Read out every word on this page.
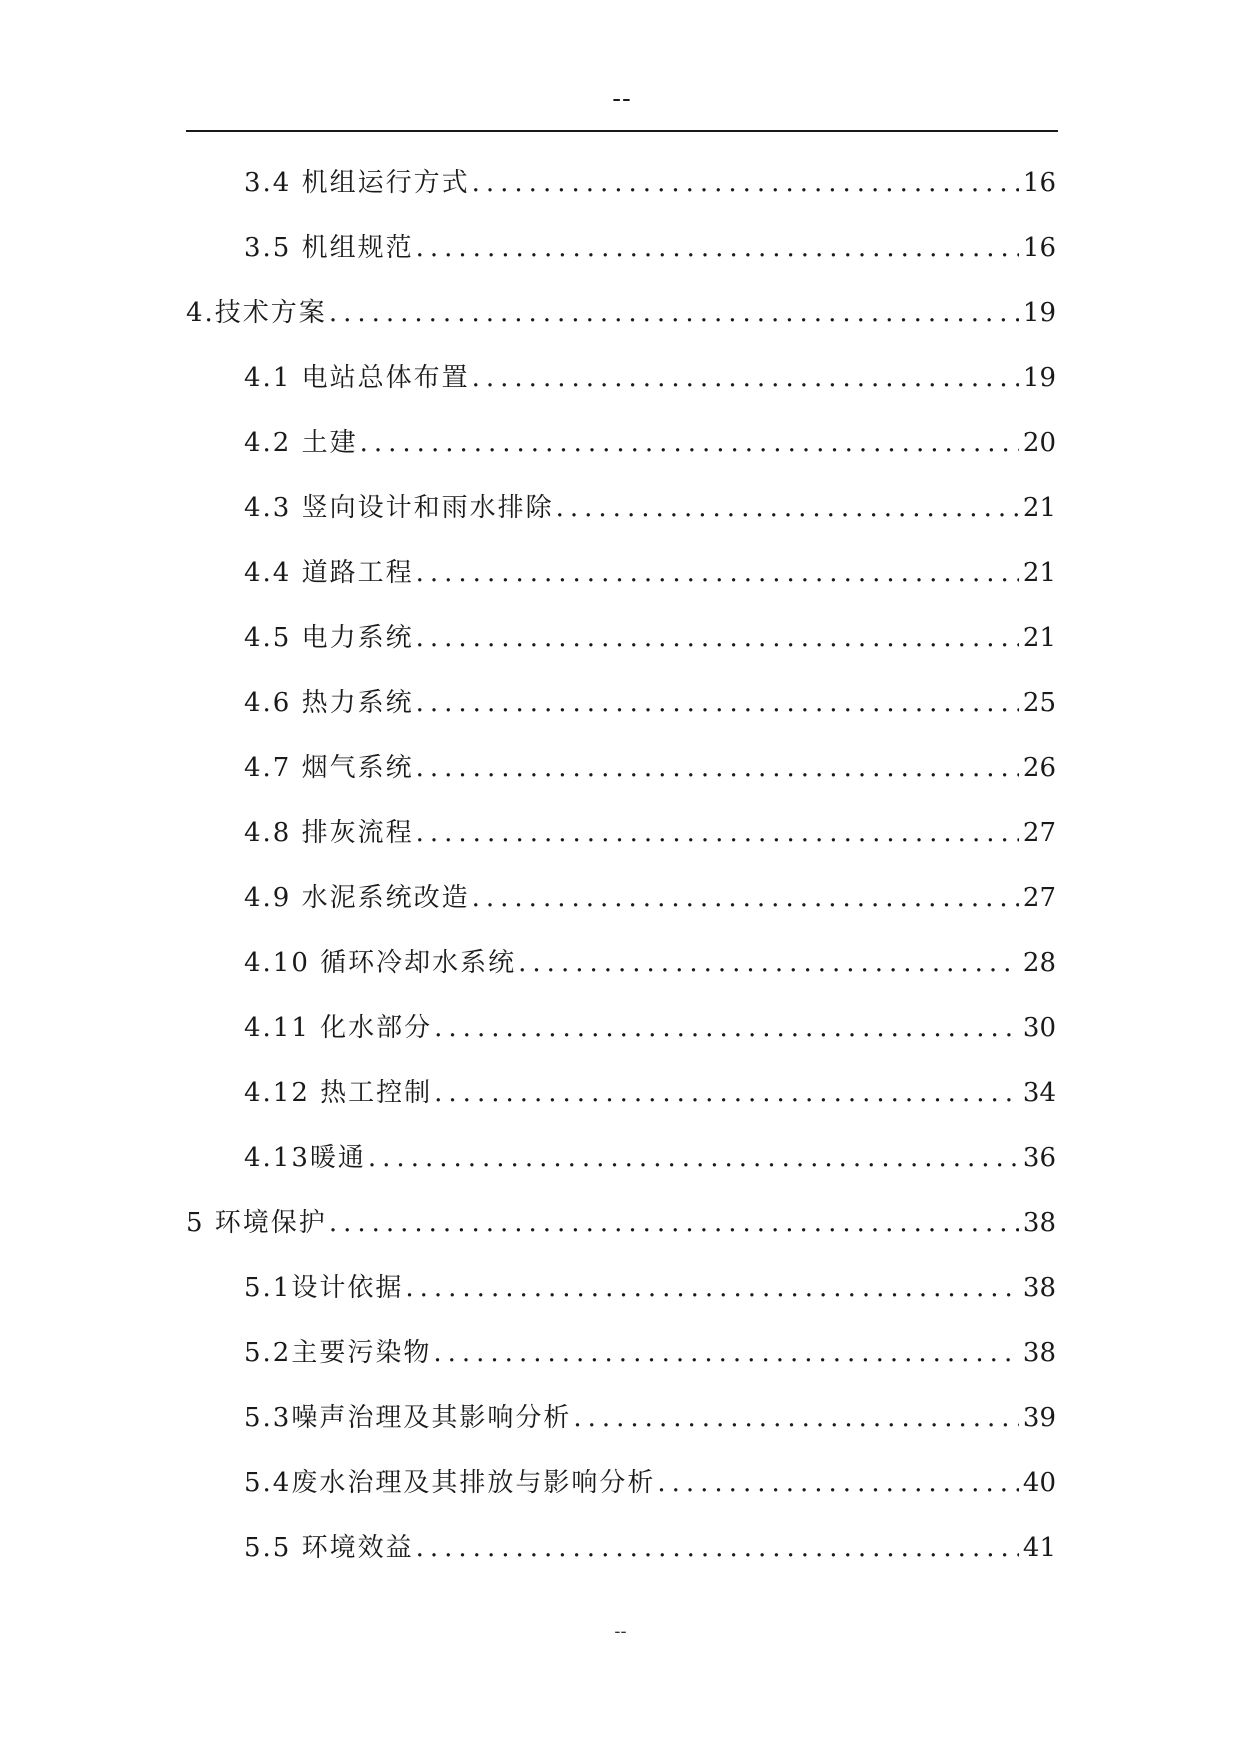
--
3.4 机组运行方式 .....	16
3.5 机组规范 .....	16
4.技术方案 .....	19
4.1 电站总体布置 .....	19
4.2 土建 .....	20
4.3 竖向设计和雨水排除 .....	21
4.4 道路工程 .....	21
4.5 电力系统 .....	21
4.6 热力系统 .....	25
4.7 烟气系统 .....	26
4.8 排灰流程 .....	27
4.9 水泥系统改造 .....	27
4.10 循环冷却水系统 .....	28
4.11 化水部分 .....	30
4.12 热工控制 .....	34
4.13暖通 .....	36
5 环境保护 .....	38
5.1设计依据 .....	38
5.2主要污染物 .....	38
5.3噪声治理及其影响分析 .....	39
5.4废水治理及其排放与影响分析 .....	40
5.5 环境效益 .....	41
--
